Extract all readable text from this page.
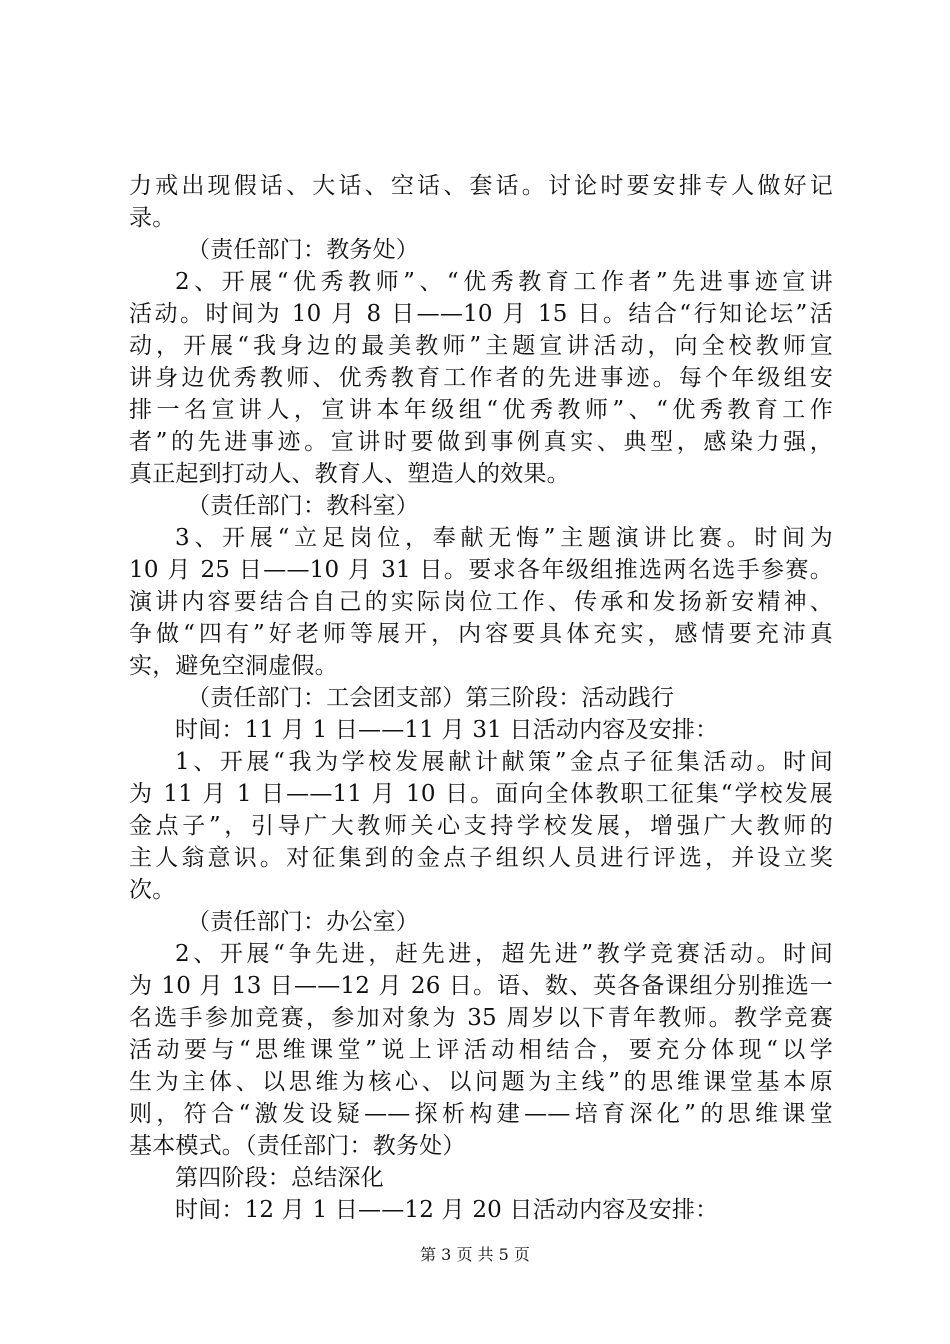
力戒出现假话、大话、空话、套话。讨论时要安排专人做好记
录。
（责任部门：教务处）
2、开展“优秀教师”、“优秀教育工作者”先进事迹宣讲
活动。时间为 10 月 8 日——10 月 15 日。结合“行知论坛”活
动，开展“我身边的最美教师”主题宣讲活动，向全校教师宣
讲身边优秀教师、优秀教育工作者的先进事迹。每个年级组安
排一名宣讲人，宣讲本年级组“优秀教师”、“优秀教育工作
者”的先进事迹。宣讲时要做到事例真实、典型，感染力强，
真正起到打动人、教育人、塑造人的效果。
（责任部门：教科室）
3、开展“立足岗位，奉献无悔”主题演讲比赛。时间为
10 月 25 日——10 月 31 日。要求各年级组推选两名选手参赛。
演讲内容要结合自己的实际岗位工作、传承和发扬新安精神、
争做“四有”好老师等展开，内容要具体充实，感情要充沛真
实，避免空洞虚假。
（责任部门：工会团支部）第三阶段：活动践行
时间：11 月 1 日——11 月 31 日活动内容及安排：
1、开展“我为学校发展献计献策”金点子征集活动。时间
为 11 月 1 日——11 月 10 日。面向全体教职工征集“学校发展
金点子”，引导广大教师关心支持学校发展，增强广大教师的
主人翁意识。对征集到的金点子组织人员进行评选，并设立奖
次。
（责任部门：办公室）
2、开展“争先进，赶先进，超先进”教学竞赛活动。时间
为 10 月 13 日——12 月 26 日。语、数、英各备课组分别推选一
名选手参加竞赛，参加对象为 35 周岁以下青年教师。教学竞赛
活动要与“思维课堂”说上评活动相结合，要充分体现“以学
生为主体、以思维为核心、以问题为主线”的思维课堂基本原
则，符合“激发设疑——探析构建——培育深化”的思维课堂
基本模式。（责任部门：教务处）
第四阶段：总结深化
时间：12 月 1 日——12 月 20 日活动内容及安排：
第 3 页 共 5 页
